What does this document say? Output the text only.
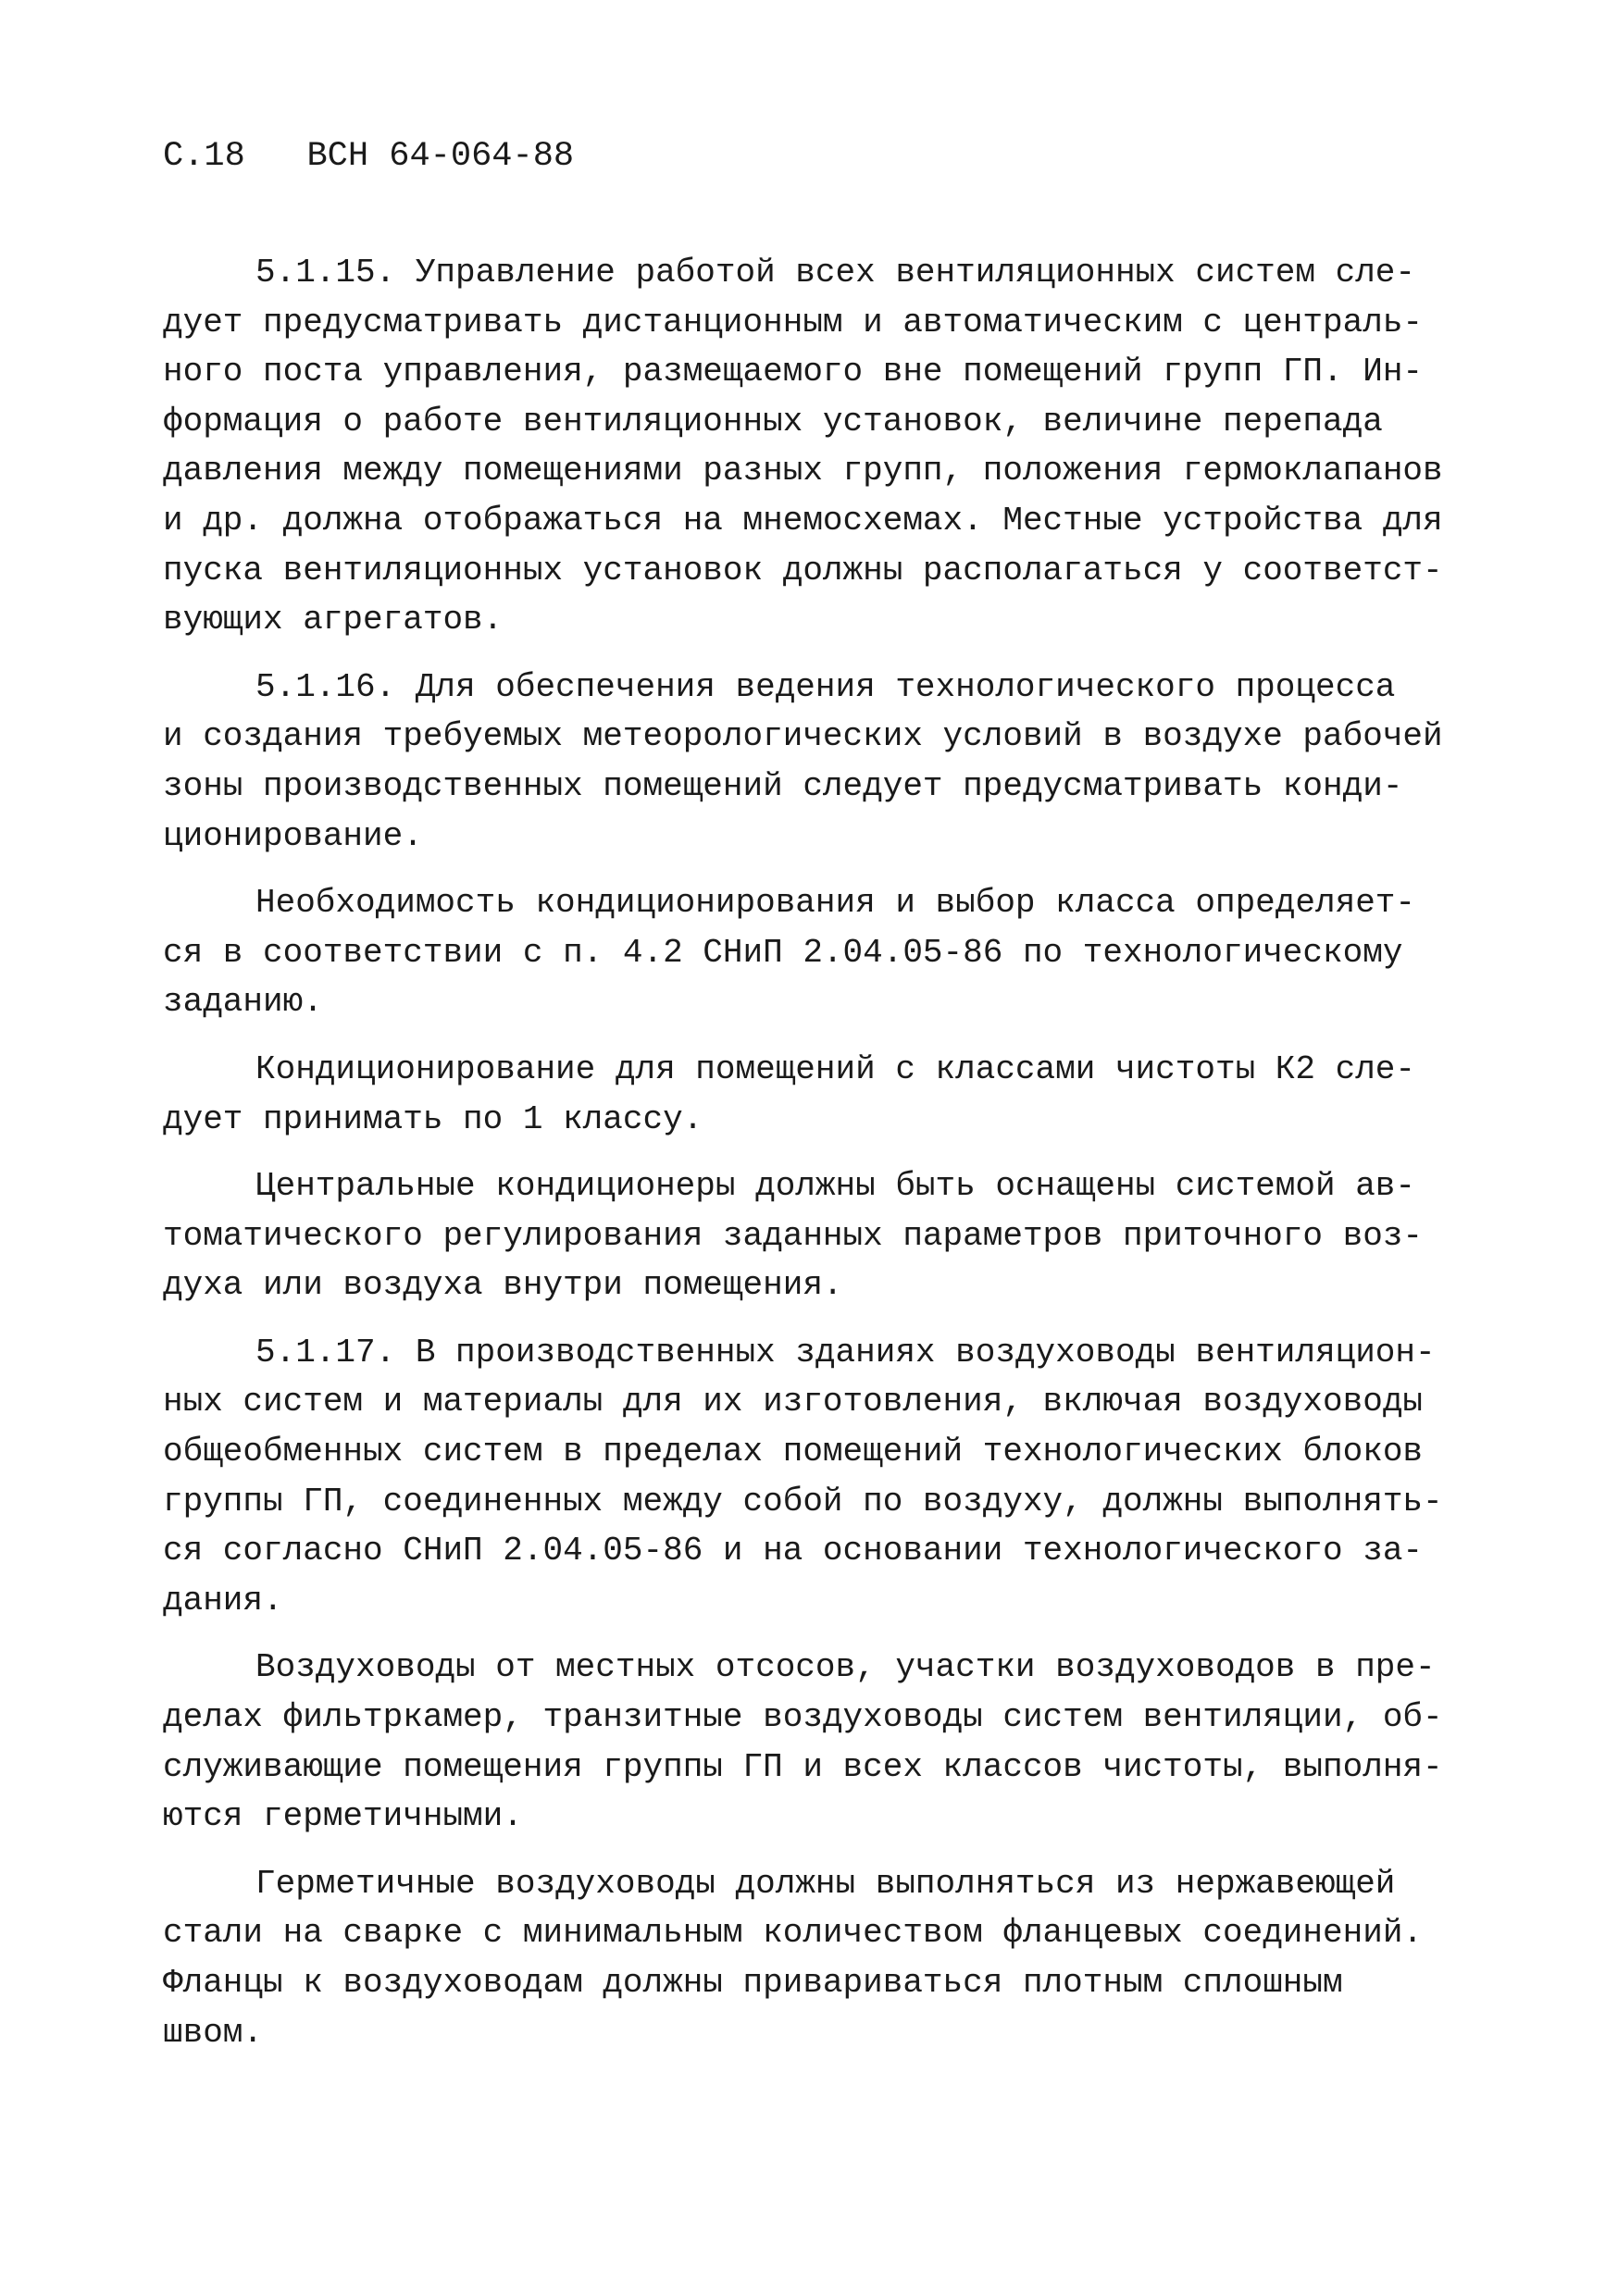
С.18 ВСН 64-064-88
5.1.15. Управление работой всех вентиляционных систем сле-
дует предусматривать дистанционным и автоматическим с централь-
ного поста управления, размещаемого вне помещений групп ГП. Ин-
формация о работе вентиляционных установок, величине перепада
давления между помещениями разных групп, положения гермоклапанов
и др. должна отображаться на мнемосхемах. Местные устройства для
пуска вентиляционных установок должны располагаться у соответст-
вующих агрегатов.
5.1.16. Для обеспечения ведения технологического процесса
и создания требуемых метеорологических условий в воздухе рабочей
зоны производственных помещений следует предусматривать конди-
ционирование.
Необходимость кондиционирования и выбор класса определяет-
ся в соответствии с п. 4.2 СНиП 2.04.05-86 по технологическому
заданию.
Кондиционирование для помещений с классами чистоты К2 сле-
дует принимать по 1 классу.
Центральные кондиционеры должны быть оснащены системой ав-
томатического регулирования заданных параметров приточного воз-
духа или воздуха внутри помещения.
5.1.17. В производственных зданиях воздуховоды вентиляцион-
ных систем и материалы для их изготовления, включая воздуховоды
общеобменных систем в пределах помещений технологических блоков
группы ГП, соединенных между собой по воздуху, должны выполнять-
ся согласно СНиП 2.04.05-86 и на основании технологического за-
дания.
Воздуховоды от местных отсосов, участки воздуховодов в пре-
делах фильтркамер, транзитные воздуховоды систем вентиляции, об-
служивающие помещения группы ГП и всех классов чистоты, выполня-
ются герметичными.
Герметичные воздуховоды должны выполняться из нержавеющей
стали на сварке с минимальным количеством фланцевых соединений.
Фланцы к воздуховодам должны привариваться плотным сплошным
швом.
